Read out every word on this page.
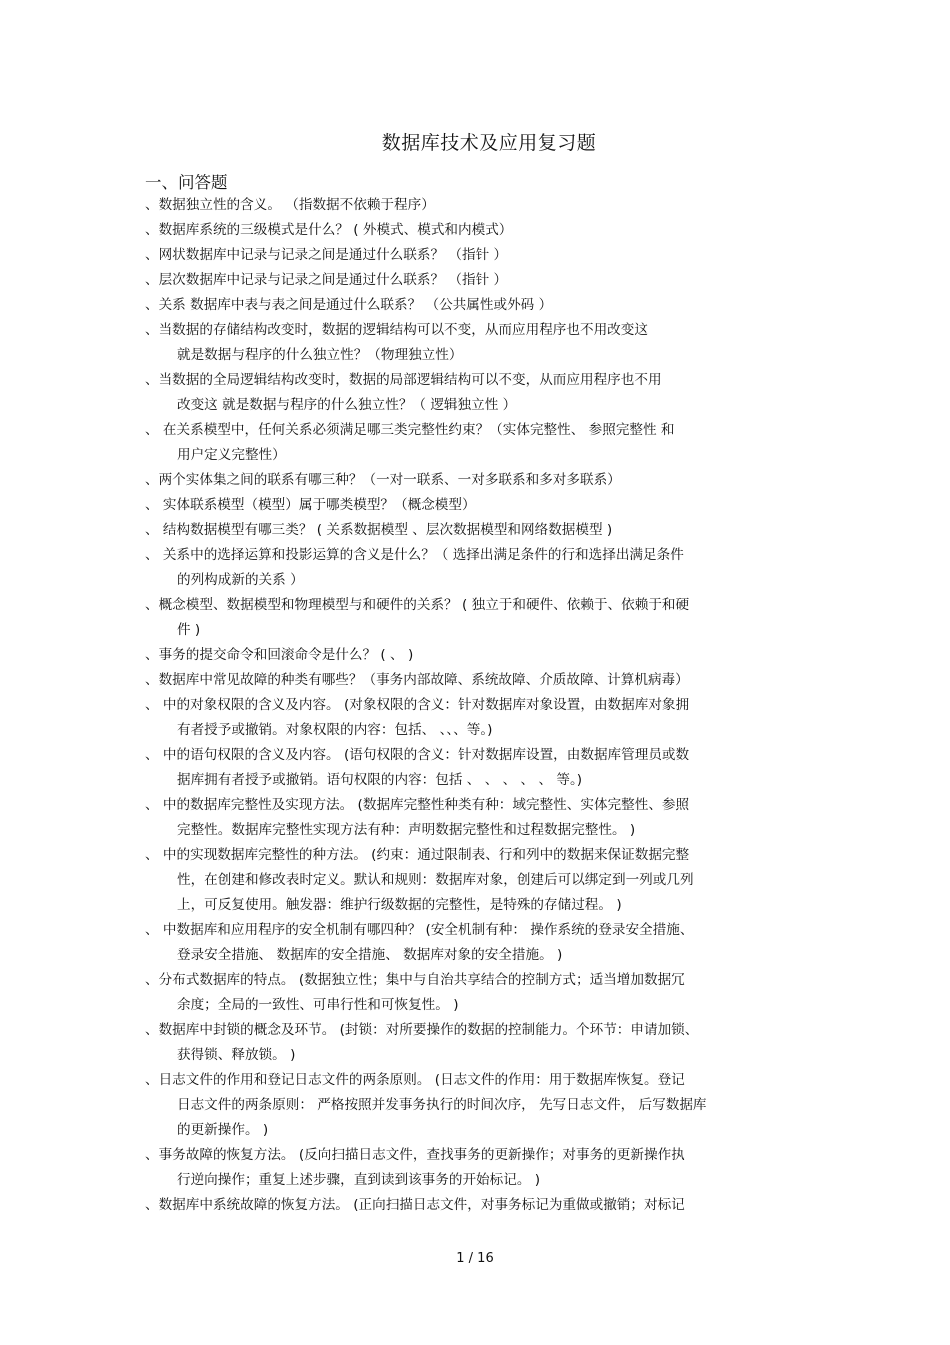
数据库技术及应用复习题
一、问答题
、数据独立性的含义。 （指数据不依赖于程序）
、数据库系统的三级模式是什么？ ( 外模式、模式和内模式）
、网状数据库中记录与记录之间是通过什么联系？ （指针 ）
、层次数据库中记录与记录之间是通过什么联系？ （指针 ）
、关系 数据库中表与表之间是通过什么联系？ （公共属性或外码 ）
、当数据的存储结构改变时，数据的逻辑结构可以不变，从而应用程序也不用改变这
就是数据与程序的什么独立性？（物理独立性）
、当数据的全局逻辑结构改变时，数据的局部逻辑结构可以不变，从而应用程序也不用
改变这 就是数据与程序的什么独立性？（ 逻辑独立性 ）
、 在关系模型中，任何关系必须满足哪三类完整性约束？（实体完整性、 参照完整性 和
用户定义完整性）
、两个实体集之间的联系有哪三种？（一对一联系、一对多联系和多对多联系）
、 实体联系模型（模型）属于哪类模型？（概念模型）
、 结构数据模型有哪三类？ ( 关系数据模型 、层次数据模型和网络数据模型 )
、 关系中的选择运算和投影运算的含义是什么？（ 选择出满足条件的行和选择出满足条件
的列构成新的关系 ）
、概念模型、数据模型和物理模型与和硬件的关系？ ( 独立于和硬件、依赖于、依赖于和硬
件 )
、事务的提交命令和回滚命令是什么？ ( 、 )
、数据库中常见故障的种类有哪些？（事务内部故障、系统故障、介质故障、计算机病毒）
、 中的对象权限的含义及内容。 (对象权限的含义：针对数据库对象设置，由数据库对象拥
有者授予或撤销。对象权限的内容：包括、 、、、等。)
、 中的语句权限的含义及内容。 (语句权限的含义：针对数据库设置，由数据库管理员或数
据库拥有者授予或撤销。语句权限的内容：包括 、 、 、 、 、 等。)
、 中的数据库完整性及实现方法。 (数据库完整性种类有种：域完整性、实体完整性、参照
完整性。数据库完整性实现方法有种：声明数据完整性和过程数据完整性。 )
、 中的实现数据库完整性的种方法。 (约束：通过限制表、行和列中的数据来保证数据完整
性，在创建和修改表时定义。默认和规则：数据库对象，创建后可以绑定到一列或几列
上，可反复使用。触发器：维护行级数据的完整性，是特殊的存储过程。 )
、 中数据库和应用程序的安全机制有哪四种？ (安全机制有种： 操作系统的登录安全措施、
登录安全措施、 数据库的安全措施、 数据库对象的安全措施。 )
、分布式数据库的特点。 (数据独立性；集中与自治共享结合的控制方式；适当增加数据冗
余度；全局的一致性、可串行性和可恢复性。 )
、数据库中封锁的概念及环节。 (封锁：对所要操作的数据的控制能力。个环节：申请加锁、
获得锁、释放锁。 )
、日志文件的作用和登记日志文件的两条原则。 (日志文件的作用：用于数据库恢复。登记
日志文件的两条原则： 严格按照并发事务执行的时间次序， 先写日志文件， 后写数据库
的更新操作。 )
、事务故障的恢复方法。 (反向扫描日志文件，查找事务的更新操作；对事务的更新操作执
行逆向操作；重复上述步骤，直到读到该事务的开始标记。 )
、数据库中系统故障的恢复方法。 (正向扫描日志文件，对事务标记为重做或撤销；对标记
1 / 16
